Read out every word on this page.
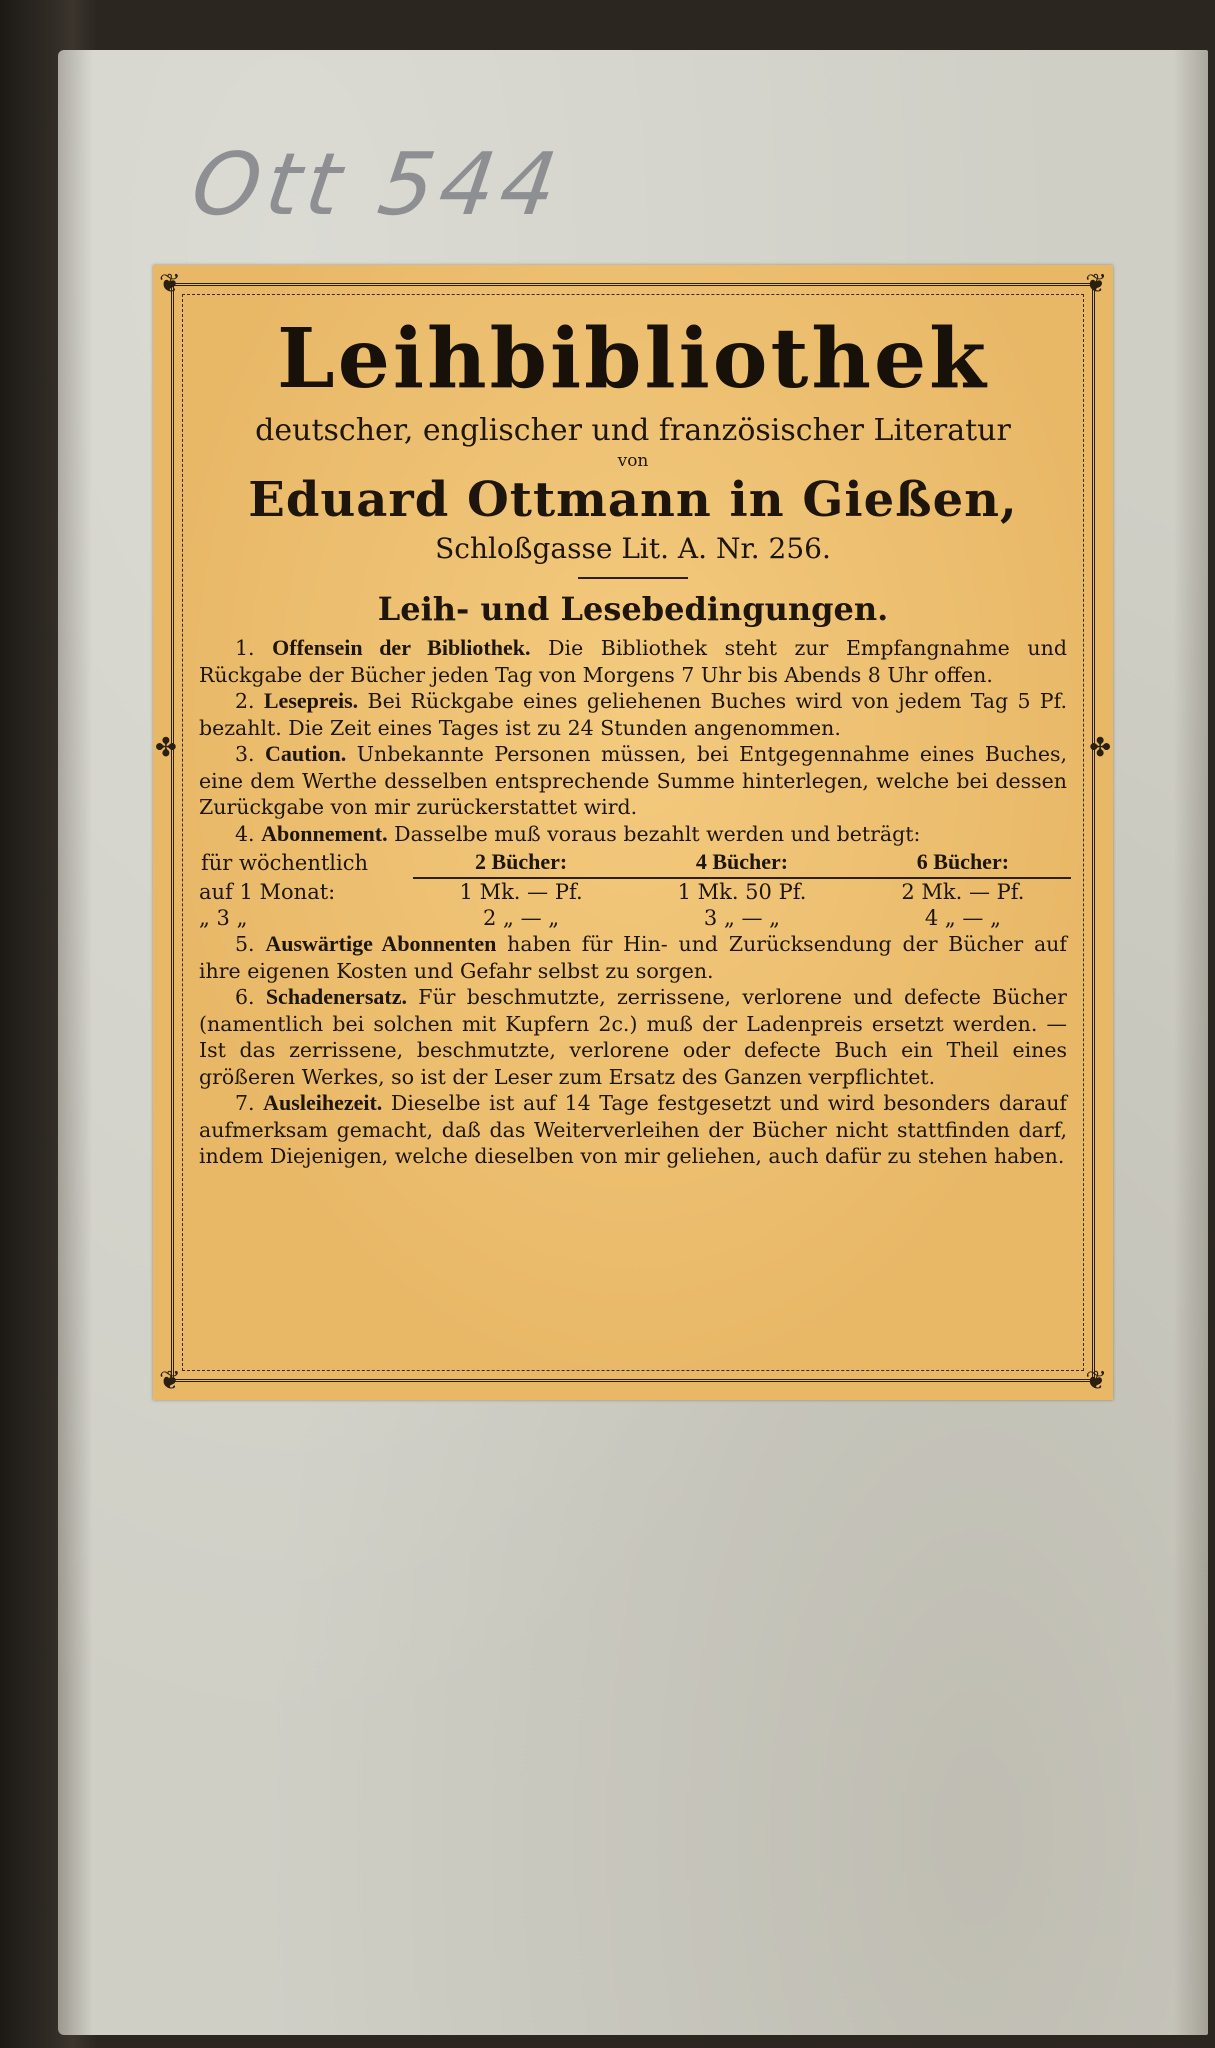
Ott 544
❦	❦
❦	❦
✤	✤
Leihbibliothek
deutscher, englischer und französischer Literatur
von
Eduard Ottmann in Gießen,
Schloßgasse Lit. A. Nr. 256.
Leih- und Lesebedingungen.

1. Offensein der Bibliothek. Die Bibliothek steht zur Empfangnahme und Rückgabe der Bücher jeden Tag von Morgens 7 Uhr bis Abends 8 Uhr offen.

2. Lesepreis. Bei Rückgabe eines geliehenen Buches wird von jedem Tag 5 Pf. bezahlt. Die Zeit eines Tages ist zu 24 Stunden angenommen.

3. Caution. Unbekannte Personen müssen, bei Entgegennahme eines Buches, eine dem Werthe desselben entsprechende Summe hinterlegen, welche bei dessen Zurückgabe von mir zurückerstattet wird.

4. Abonnement. Dasselbe muß voraus bezahlt werden und beträgt:

für wöchentlich	2 Bücher:	4 Bücher:	6 Bücher:
auf 1 Monat:	1 Mk. — Pf.	1 Mk. 50 Pf.	2 Mk. — Pf.
„ 3 „	2 „ — „	3 „ — „	4 „ — „

5. Auswärtige Abonnenten haben für Hin- und Zurücksendung der Bücher auf ihre eigenen Kosten und Gefahr selbst zu sorgen.

6. Schadenersatz. Für beschmutzte, zerrissene, verlorene und defecte Bücher (namentlich bei solchen mit Kupfern 2c.) muß der Ladenpreis ersetzt werden. — Ist das zerrissene, beschmutzte, verlorene oder defecte Buch ein Theil eines größeren Werkes, so ist der Leser zum Ersatz des Ganzen verpflichtet.

7. Ausleihezeit. Dieselbe ist auf 14 Tage festgesetzt und wird besonders darauf aufmerksam gemacht, daß das Weiterverleihen der Bücher nicht stattfinden darf, indem Diejenigen, welche dieselben von mir geliehen, auch dafür zu stehen haben.
